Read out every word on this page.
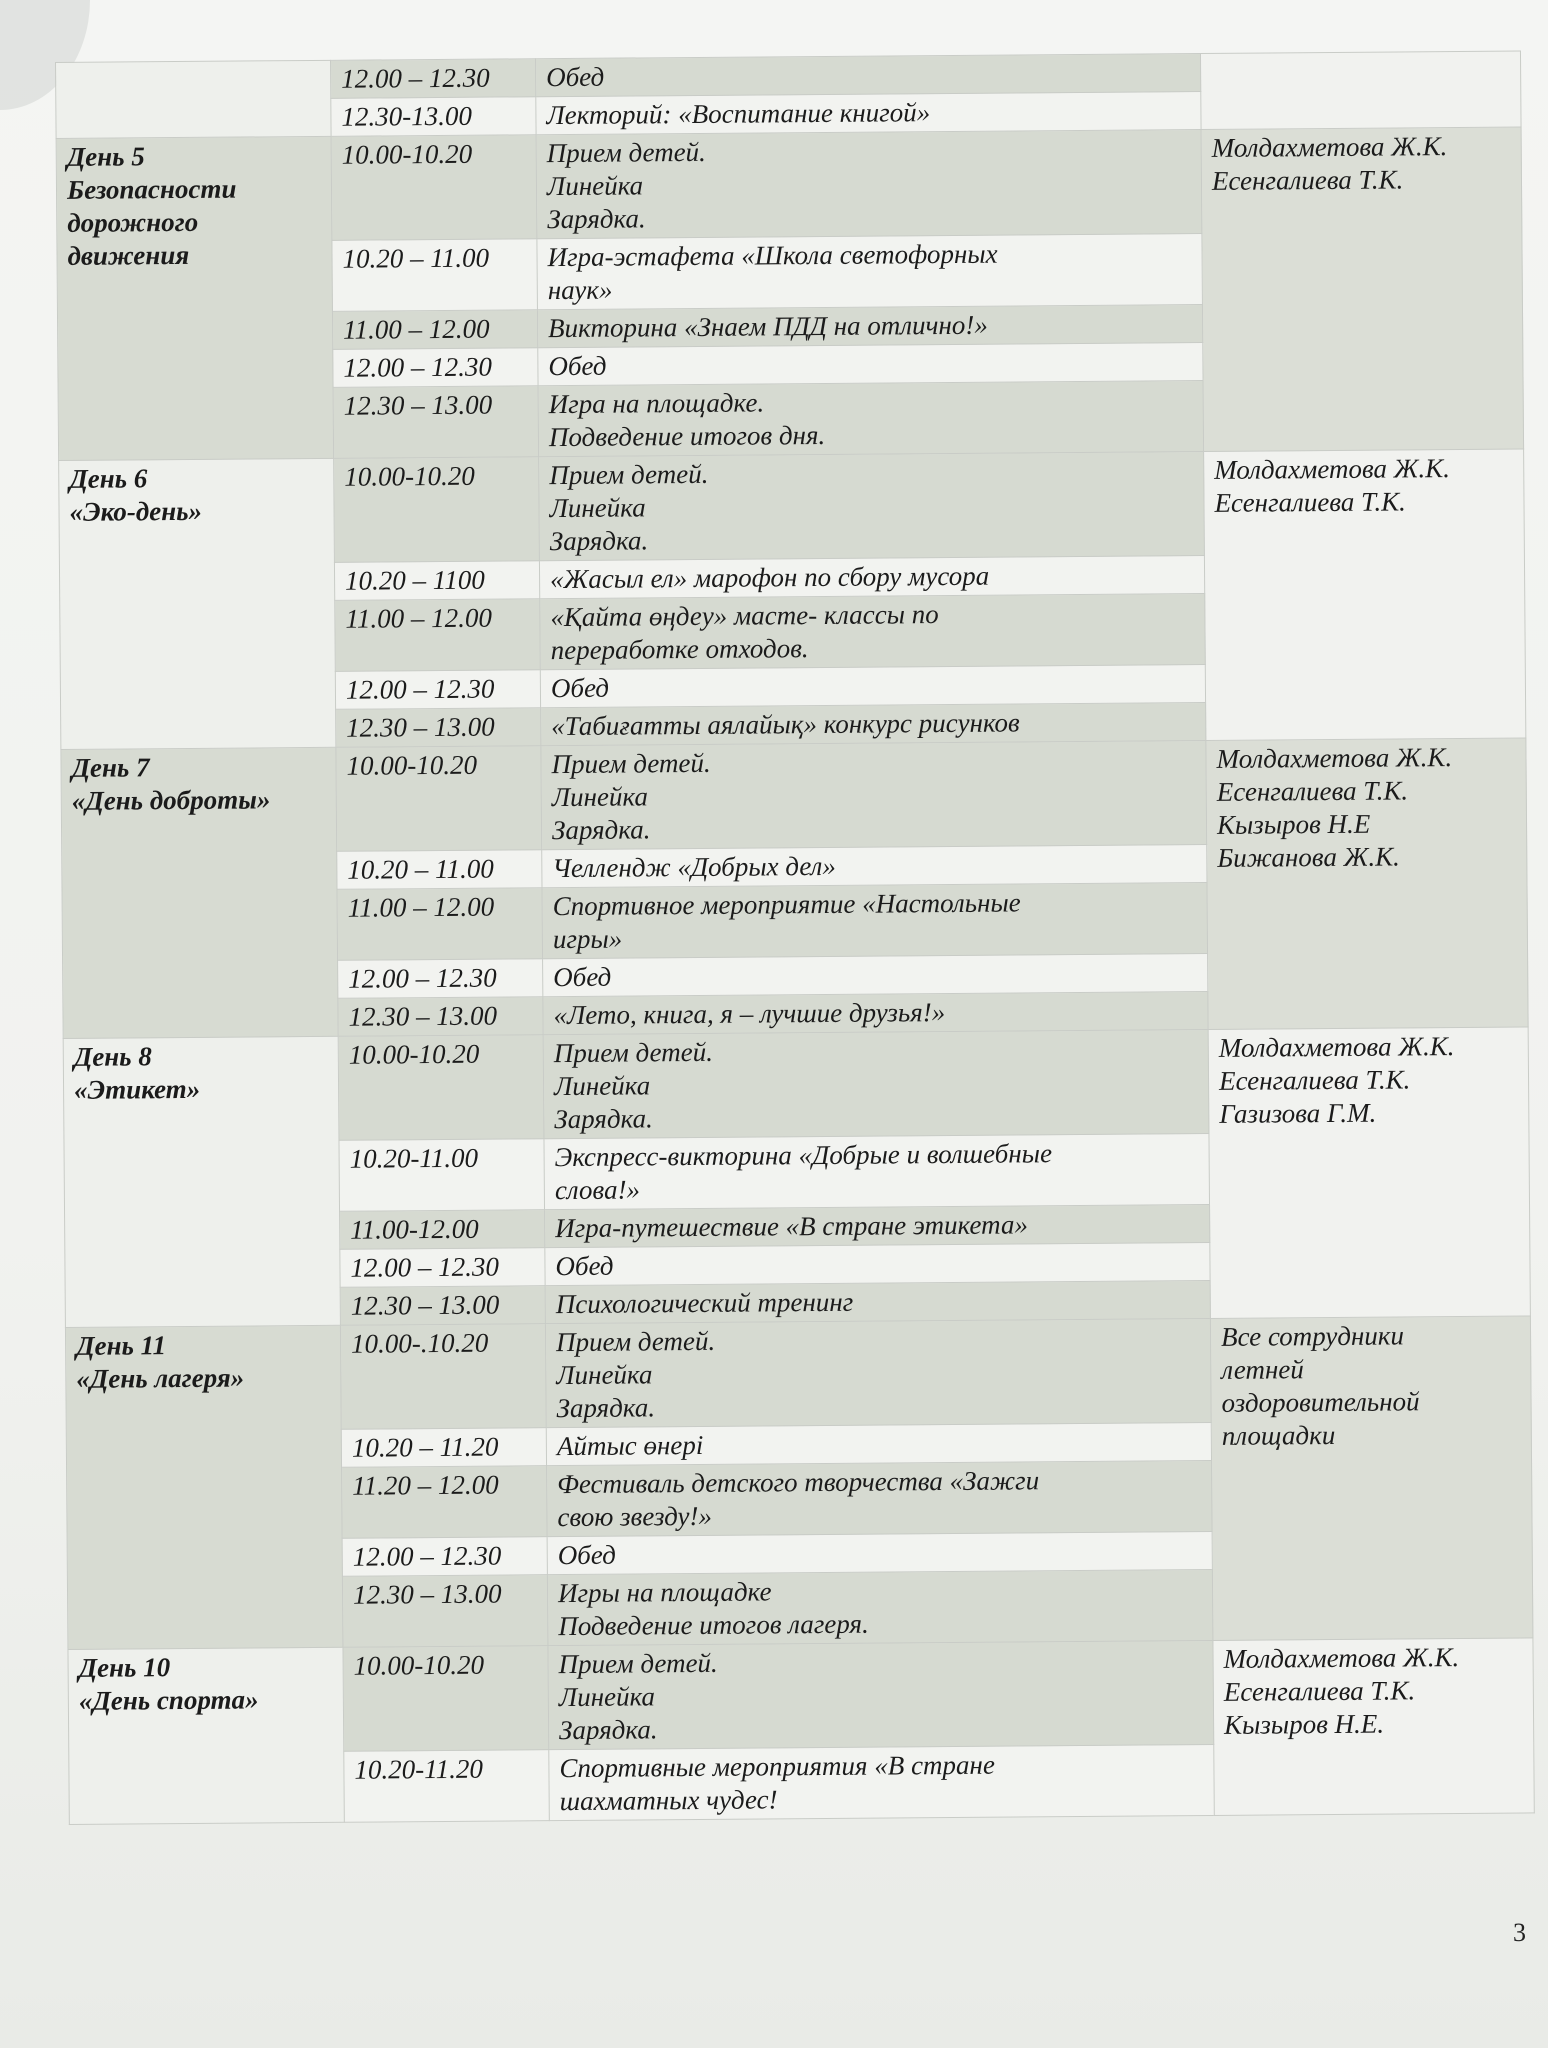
	12.00 – 12.30	Обед	

	12.30-13.00	Лекторий: «Воспитание книгой»	

День 5
Безопасности
дорожного
движения	10.00-10.20	Прием детей.
Линейка
Зарядка.	Молдахметова Ж.К.
Есенгалиева Т.К.

	10.20 – 11.00	Игра-эстафета «Школа светофорных
наук»	

	11.00 – 12.00	Викторина «Знаем ПДД на отлично!»	

	12.00 – 12.30	Обед	

	12.30 – 13.00	Игра на площадке.
Подведение итогов дня.	

День 6
«Эко-день»	10.00-10.20	Прием детей.
Линейка
Зарядка.	Молдахметова Ж.К.
Есенгалиева Т.К.

	10.20 – 1100	«Жасыл ел» марофон по сбору мусора	

	11.00 – 12.00	«Қайта өңдеу» масте- классы по
переработке отходов.	

	12.00 – 12.30	Обед	

	12.30 – 13.00	«Табиғатты аялайық» конкурс рисунков	

День 7
«День доброты»	10.00-10.20	Прием детей.
Линейка
Зарядка.	Молдахметова Ж.К.
Есенгалиева Т.К.
Кызыров Н.Е
Бижанова Ж.К.

	10.20 – 11.00	Челлендж «Добрых дел»	

	11.00 – 12.00	Спортивное мероприятие «Настольные
игры»	

	12.00 – 12.30	Обед	

	12.30 – 13.00	«Лето, книга, я – лучшие друзья!»	

День 8
«Этикет»	10.00-10.20	Прием детей.
Линейка
Зарядка.	Молдахметова Ж.К.
Есенгалиева Т.К.
Газизова Г.М.

	10.20-11.00	Экспресс-викторина «Добрые и волшебные
слова!»	

	11.00-12.00	Игра-путешествие «В стране этикета»	

	12.00 – 12.30	Обед	

	12.30 – 13.00	Психологический тренинг	

День 11
«День лагеря»	10.00-.10.20	Прием детей.
Линейка
Зарядка.	Все сотрудники
летней
оздоровительной
площадки

	10.20 – 11.20	Айтыс өнері	

	11.20 – 12.00	Фестиваль детского творчества «Зажги
свою звезду!»	

	12.00 – 12.30	Обед	

	12.30 – 13.00	Игры на площадке
Подведение итогов лагеря.	

День 10
«День спорта»	10.00-10.20	Прием детей.
Линейка
Зарядка.	Молдахметова Ж.К.
Есенгалиева Т.К.
Кызыров Н.Е.

	10.20-11.20	Спортивные мероприятия «В стране
шахматных чудес!	
3
